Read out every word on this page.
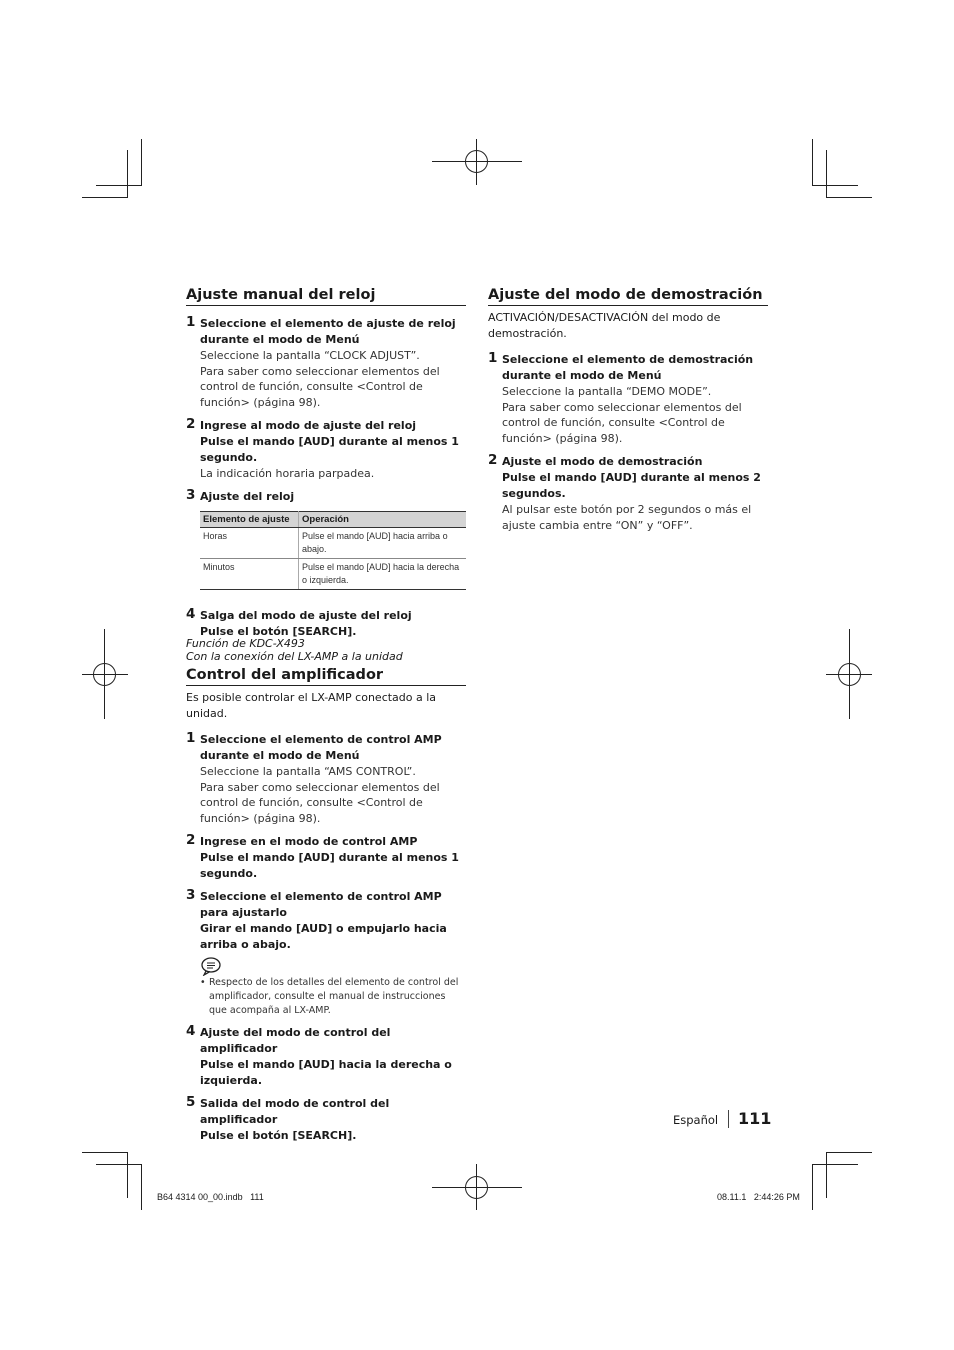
Ajuste manual del reloj
1 Seleccione el elemento de ajuste de reloj durante el modo de Menú
Seleccione la pantalla “CLOCK ADJUST”.
Para saber como seleccionar elementos del control de función, consulte <Control de función> (página 98).
2 Ingrese al modo de ajuste del reloj
Pulse el mando [AUD] durante al menos 1 segundo.
La indicación horaria parpadea.
3 Ajuste del reloj
Elemento de ajuste	Operación
Horas	Pulse el mando [AUD] hacia arriba o abajo.
Minutos	Pulse el mando [AUD] hacia la derecha o izquierda.
4 Salga del modo de ajuste del reloj
Pulse el botón [SEARCH].
Función de KDC-X493
Con la conexión del LX-AMP a la unidad
Control del amplificador

Es posible controlar el LX-AMP conectado a la unidad.

1 Seleccione el elemento de control AMP durante el modo de Menú
Seleccione la pantalla “AMS CONTROL”.
Para saber como seleccionar elementos del control de función, consulte <Control de función> (página 98).
2 Ingrese en el modo de control AMP
Pulse el mando [AUD] durante al menos 1 segundo.
3 Seleccione el elemento de control AMP para ajustarlo
Girar el mando [AUD] o empujarlo hacia arriba o abajo.
• Respecto de los detalles del elemento de control del amplificador, consulte el manual de instrucciones que acompaña al LX-AMP.
4 Ajuste del modo de control del amplificador
Pulse el mando [AUD] hacia la derecha o izquierda.
5 Salida del modo de control del amplificador
Pulse el botón [SEARCH].
Ajuste del modo de demostración

ACTIVACIÓN/DESACTIVACIÓN del modo de demostración.

1 Seleccione el elemento de demostración durante el modo de Menú
Seleccione la pantalla “DEMO MODE”.
Para saber como seleccionar elementos del control de función, consulte <Control de función> (página 98).
2 Ajuste el modo de demostración
Pulse el mando [AUD] durante al menos 2 segundos.
Al pulsar este botón por 2 segundos o más el ajuste cambia entre “ON” y “OFF”.
Español 111
B64 4314 00_00.indb   111	08.11.1   2:44:26 PM
